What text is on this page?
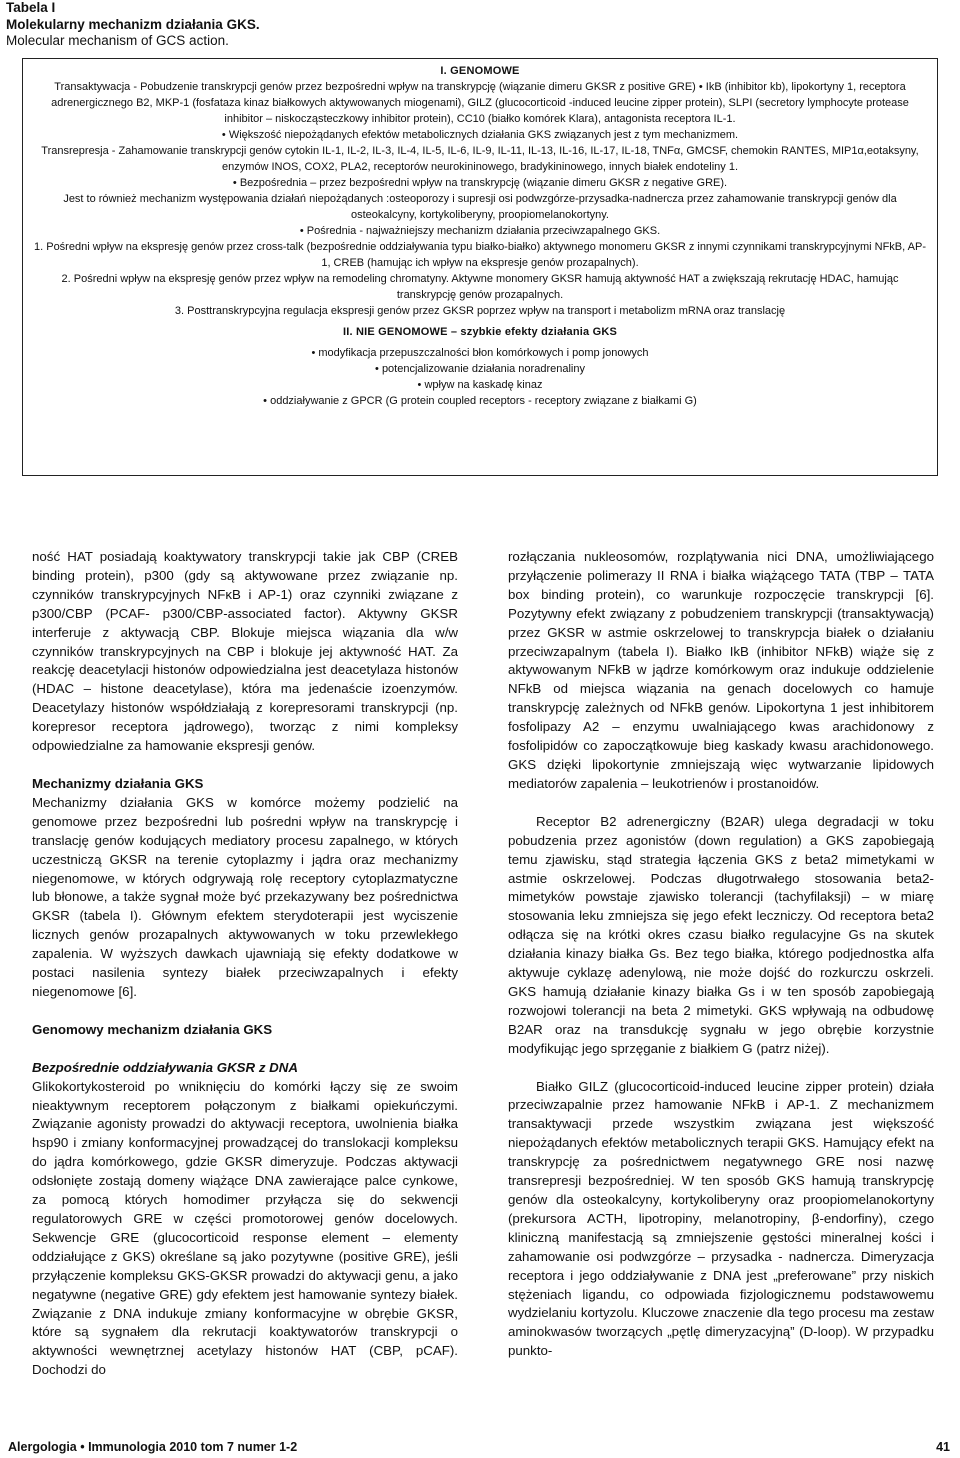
Tabela I
Molekularny mechanizm działania GKS.
Molecular mechanism of GCS action.

I. GENOMOWE

Transaktywacja - Pobudzenie transkrypcji genów przez bezpośredni wpływ na transkrypcję (wiązanie dimeru GKSR z positive GRE) • IkB (inhibitor kb), lipokortyny 1, receptora adrenergicznego B2, MKP-1 (fosfataza kinaz białkowych aktywowanych miogenami), GILZ (glucocorticoid -induced leucine zipper protein), SLPI (secretory lymphocyte protease inhibitor – niskocząsteczkowy inhibitor protein), CC10 (białko komórek Klara), antagonista receptora IL-1.

• Większość niepożądanych efektów metabolicznych działania GKS związanych jest z tym mechanizmem.

Transrepresja - Zahamowanie transkrypcji genów cytokin IL-1, IL-2, IL-3, IL-4, IL-5, IL-6, IL-9, IL-11, IL-13, IL-16, IL-17, IL-18, TNFα, GMCSF, chemokin RANTES, MIP1α,eotaksyny, enzymów INOS, COX2, PLA2, receptorów neurokininowego, bradykininowego, innych białek endoteliny 1.

• Bezpośrednia – przez bezpośredni wpływ na transkrypcję (wiązanie dimeru GKSR z negative GRE).

Jest to również mechanizm występowania działań niepożądanych :osteoporozy i supresji osi podwzgórze-przysadka-nadnercza przez zahamowanie transkrypcji genów dla osteokalcyny, kortykoliberyny, proopiomelanokortyny.

• Pośrednia - najważniejszy mechanizm działania przeciwzapalnego GKS.

1. Pośredni wpływ na ekspresję genów przez cross-talk (bezpośrednie oddziaływania typu białko-białko) aktywnego monomeru GKSR z innymi czynnikami transkrypcyjnymi NFkB, AP-1, CREB (hamując ich wpływ na ekspresje genów prozapalnych).

2. Pośredni wpływ na ekspresję genów przez wpływ na remodeling chromatyny. Aktywne monomery GKSR hamują aktywność HAT a zwiększają rekrutację HDAC, hamując transkrypcję genów prozapalnych.

3. Posttranskrypcyjna regulacja ekspresji genów przez GKSR poprzez wpływ na transport i metabolizm mRNA oraz translację

II. NIE GENOMOWE – szybkie efekty działania GKS

• modyfikacja przepuszczalności błon komórkowych i pomp jonowych

• potencjalizowanie działania noradrenaliny

• wpływ na kaskadę kinaz

• oddziaływanie z GPCR (G protein coupled receptors - receptory związane z białkami G)

ność HAT posiadają koaktywatory transkrypcji takie jak CBP (CREB binding protein), p300 (gdy są aktywowane przez związanie np. czynników transkrypcyjnych NFκB i AP-1) oraz czynniki związane z p300/CBP (PCAF- p300/CBP-associated factor). Aktywny GKSR interferuje z aktywacją CBP. Blokuje miejsca wiązania dla w/w czynników transkrypcyjnych na CBP i blokuje jej aktywność HAT. Za reakcję deacetylacji histonów odpowiedzialna jest deacetylaza histonów (HDAC – histone deacetylase), która ma jedenaście izoenzymów. Deacetylazy histonów współdziałają z korepresorami transkrypcji (np. korepresor receptora jądrowego), tworząc z nimi kompleksy odpowiedzialne za hamowanie ekspresji genów.

Mechanizmy działania GKS

Mechanizmy działania GKS w komórce możemy podzielić na genomowe przez bezpośredni lub pośredni wpływ na transkrypcję i translację genów kodujących mediatory procesu zapalnego, w których uczestniczą GKSR na terenie cytoplazmy i jądra oraz mechanizmy niegenomowe, w których odgrywają rolę receptory cytoplazmatyczne lub błonowe, a także sygnał może być przekazywany bez pośrednictwa GKSR (tabela I). Głównym efektem sterydoterapii jest wyciszenie licznych genów prozapalnych aktywowanych w toku przewlekłego zapalenia. W wyższych dawkach ujawniają się efekty dodatkowe w postaci nasilenia syntezy białek przeciwzapalnych i efekty niegenomowe [6].

Genomowy mechanizm działania GKS

Bezpośrednie oddziaływania GKSR z DNA

Glikokortykosteroid po wniknięciu do komórki łączy się ze swoim nieaktywnym receptorem połączonym z białkami opiekuńczymi. Związanie agonisty prowadzi do aktywacji receptora, uwolnienia białka hsp90 i zmiany konformacyjnej prowadzącej do translokacji kompleksu do jądra komórkowego, gdzie GKSR dimeryzuje. Podczas aktywacji odsłonięte zostają domeny wiążące DNA zawierające palce cynkowe, za pomocą których homodimer przyłącza się do sekwencji regulatorowych GRE w części promotorowej genów docelowych. Sekwencje GRE (glucocorticoid response element – elementy oddziałujące z GKS) określane są jako pozytywne (positive GRE), jeśli przyłączenie kompleksu GKS-GKSR prowadzi do aktywacji genu, a jako negatywne (negative GRE) gdy efektem jest hamowanie syntezy białek. Związanie z DNA indukuje zmiany konformacyjne w obrębie GKSR, które są sygnałem dla rekrutacji koaktywatorów transkrypcji o aktywności wewnętrznej acetylazy histonów HAT (CBP, pCAF). Dochodzi do

rozłączania nukleosomów, rozplątywania nici DNA, umożliwiającego przyłączenie polimerazy II RNA i białka wiążącego TATA (TBP – TATA box binding protein), co warunkuje rozpoczęcie transkrypcji [6]. Pozytywny efekt związany z pobudzeniem transkrypcji (transaktywacją) przez GKSR w astmie oskrzelowej to transkrypcja białek o działaniu przeciwzapalnym (tabela I). Białko IkB (inhibitor NFkB) wiąże się z aktywowanym NFkB w jądrze komórkowym oraz indukuje oddzielenie NFkB od miejsca wiązania na genach docelowych co hamuje transkrypcję zależnych od NFkB genów. Lipokortyna 1 jest inhibitorem fosfolipazy A2 – enzymu uwalniającego kwas arachidonowy z fosfolipidów co zapoczątkowuje bieg kaskady kwasu arachidonowego. GKS dzięki lipokortynie zmniejszają więc wytwarzanie lipidowych mediatorów zapalenia – leukotrienów i prostanoidów.

Receptor B2 adrenergiczny (B2AR) ulega degradacji w toku pobudzenia przez agonistów (down regulation) a GKS zapobiegają temu zjawisku, stąd strategia łączenia GKS z beta2 mimetykami w astmie oskrzelowej. Podczas długotrwałego stosowania beta2-mimetyków powstaje zjawisko tolerancji (tachyfilaksji) – w miarę stosowania leku zmniejsza się jego efekt leczniczy. Od receptora beta2 odłącza się na krótki okres czasu białko regulacyjne Gs na skutek działania kinazy białka Gs. Bez tego białka, którego podjednostka alfa aktywuje cyklazę adenylową, nie może dojść do rozkurczu oskrzeli. GKS hamują działanie kinazy białka Gs i w ten sposób zapobiegają rozwojowi tolerancji na beta 2 mimetyki. GKS wpływają na odbudowę B2AR oraz na transdukcję sygnału w jego obrębie korzystnie modyfikując jego sprzęganie z białkiem G (patrz niżej).

Białko GILZ (glucocorticoid-induced leucine zipper protein) działa przeciwzapalnie przez hamowanie NFkB i AP-1. Z mechanizmem transaktywacji przede wszystkim związana jest większość niepożądanych efektów metabolicznych terapii GKS. Hamujący efekt na transkrypcję za pośrednictwem negatywnego GRE nosi nazwę transrepresji bezpośredniej. W ten sposób GKS hamują transkrypcję genów dla osteokalcyny, kortykoliberyny oraz proopiomelanokortyny (prekursora ACTH, lipotropiny, melanotropiny, β-endorfiny), czego kliniczną manifestacją są zmniejszenie gęstości mineralnej kości i zahamowanie osi podwzgórze – przysadka - nadnercza. Dimeryzacja receptora i jego oddziaływanie z DNA jest „preferowane” przy niskich stężeniach ligandu, co odpowiada fizjologicznemu podstawowemu wydzielaniu kortyzolu. Kluczowe znaczenie dla tego procesu ma zestaw aminokwasów tworzących „pętlę dimeryzacyjną” (D-loop). W przypadku punkto-

Alergologia • Immunologia 2010 tom 7 numer 1-2	41
